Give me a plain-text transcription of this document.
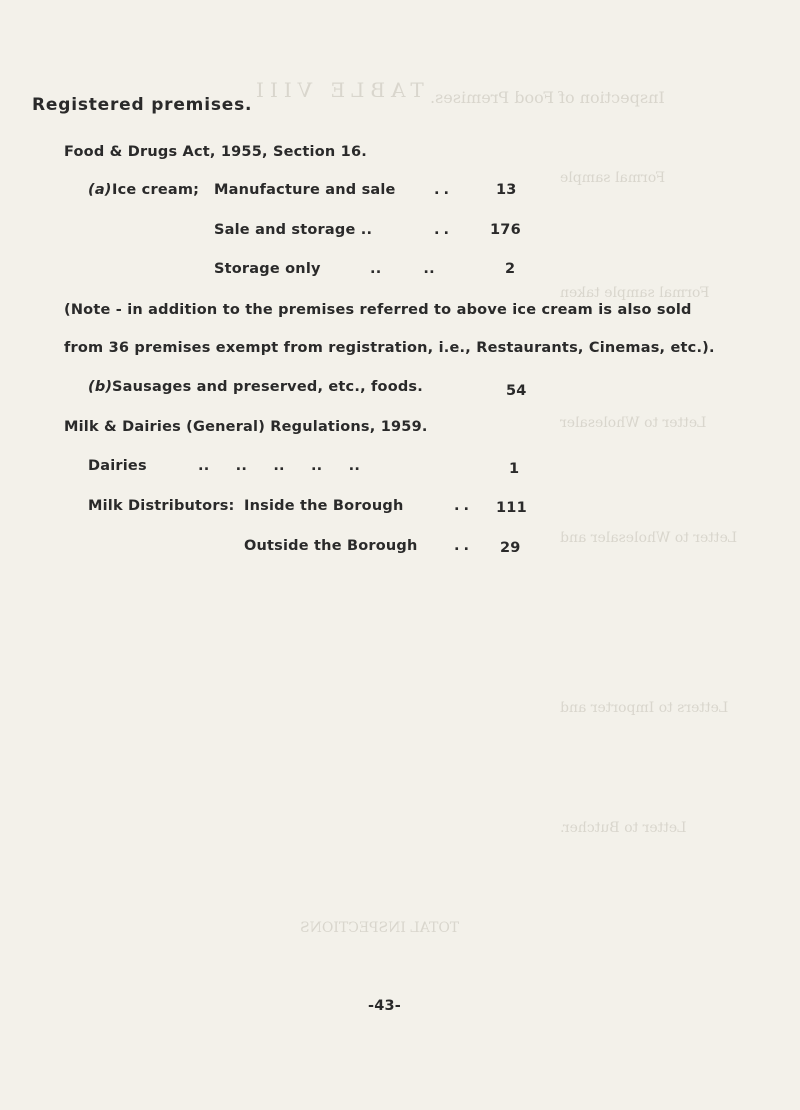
TABLE VIII Inspection of Food Premises.
Formal sample
Formal sample taken
Letter to Wholesaler
Letter to Wholesaler and
Letters to Importer and
Letter to Butcher.
TOTAL INSPECTIONS
Registered premises.
Food & Drugs Act, 1955, Section 16.
(a) Ice cream; Manufacture and sale	..	13
Sale and storage ..	..	176
Storage only	..        ..	2
(Note - in addition to the premises referred to above ice cream is also sold
from 36 premises exempt from registration, i.e., Restaurants, Cinemas, etc.).
(b) Sausages and preserved, etc., foods.	54
Milk & Dairies (General) Regulations, 1959.
Dairies	..     ..     ..     ..     ..	1
Milk Distributors: Inside the Borough	.. 111
Outside the Borough	.. 29
-43-
